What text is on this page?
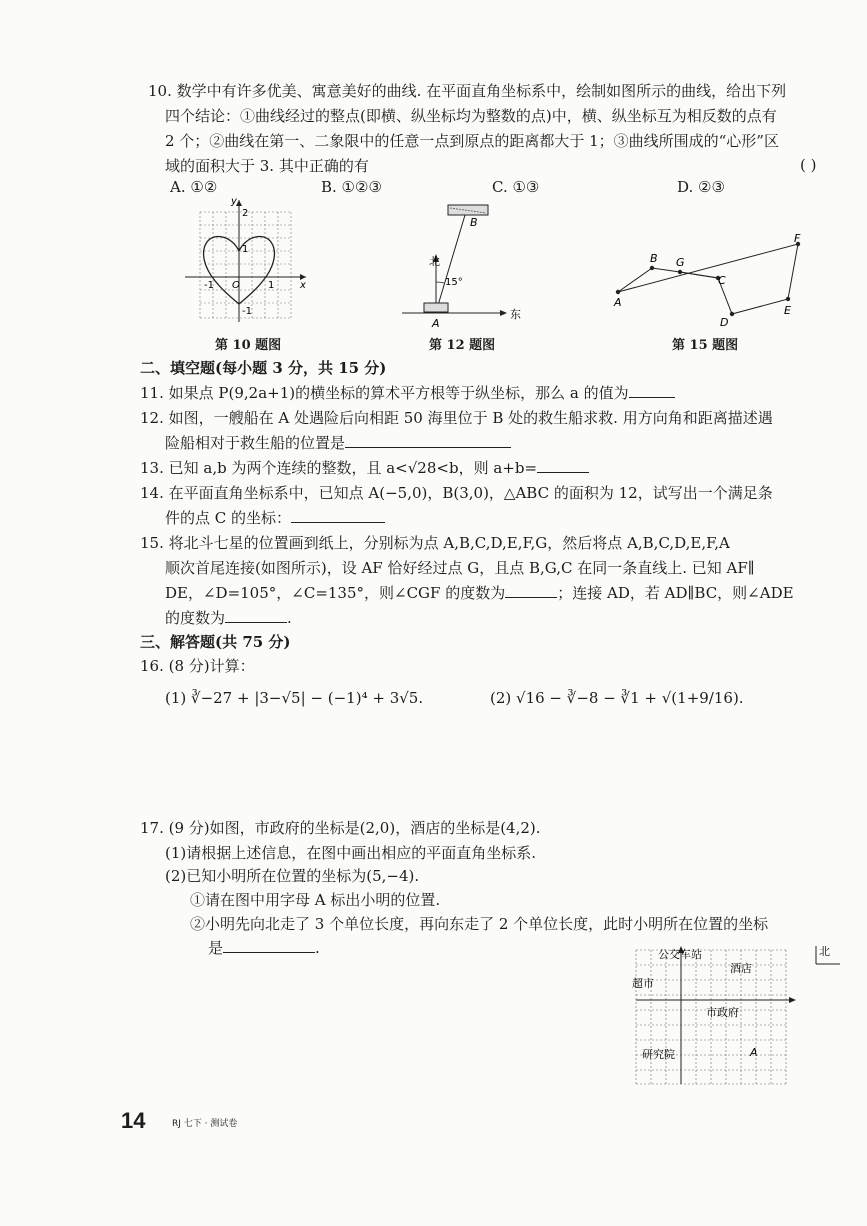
10. 数学中有许多优美、寓意美好的曲线. 在平面直角坐标系中，绘制如图所示的曲线，给出下列
四个结论：①曲线经过的整点(即横、纵坐标均为整数的点)中，横、纵坐标互为相反数的点有
2 个；②曲线在第一、二象限中的任意一点到原点的距离都大于 1；③曲线所围成的“心形”区
域的面积大于 3. 其中正确的有	( )
A. ①②	B. ①②③	C. ①③	D. ②③
y
x
O
2
1
-1	1
-1
第 10 题图
B
北
15°
A
东
第 12 题图
A
B G
C
D
E
F
第 15 题图
二、填空题(每小题 3 分，共 15 分)
11. 如果点 P(9,2a+1)的横坐标的算术平方根等于纵坐标，那么 a 的值为
12. 如图，一艘船在 A 处遇险后向相距 50 海里位于 B 处的救生船求救. 用方向角和距离描述遇
险船相对于救生船的位置是
13. 已知 a,b 为两个连续的整数，且 a<√28<b，则 a+b=
14. 在平面直角坐标系中，已知点 A(−5,0)，B(3,0)，△ABC 的面积为 12，试写出一个满足条
件的点 C 的坐标：
15. 将北斗七星的位置画到纸上，分别标为点 A,B,C,D,E,F,G，然后将点 A,B,C,D,E,F,A
顺次首尾连接(如图所示)，设 AF 恰好经过点 G，且点 B,G,C 在同一条直线上. 已知 AF∥
DE，∠D=105°，∠C=135°，则∠CGF 的度数为	；连接 AD，若 AD∥BC，则∠ADE
的度数为	.
三、解答题(共 75 分)
16. (8 分)计算：
(1) ∛−27 + |3−√5| − (−1)⁴ + 3√5.	(2) √16 − ∛−8 − ∛1 + √(1+9/16).
17. (9 分)如图，市政府的坐标是(2,0)，酒店的坐标是(4,2).
(1)请根据上述信息，在图中画出相应的平面直角坐标系.
(2)已知小明所在位置的坐标为(5,−4).
①请在图中用字母 A 标出小明的位置.
②小明先向北走了 3 个单位长度，再向东走了 2 个单位长度，此时小明所在位置的坐标
是	.	北
公交车站
酒店
超市
市政府
研究院	A
14	RJ 七下 · 测试卷
